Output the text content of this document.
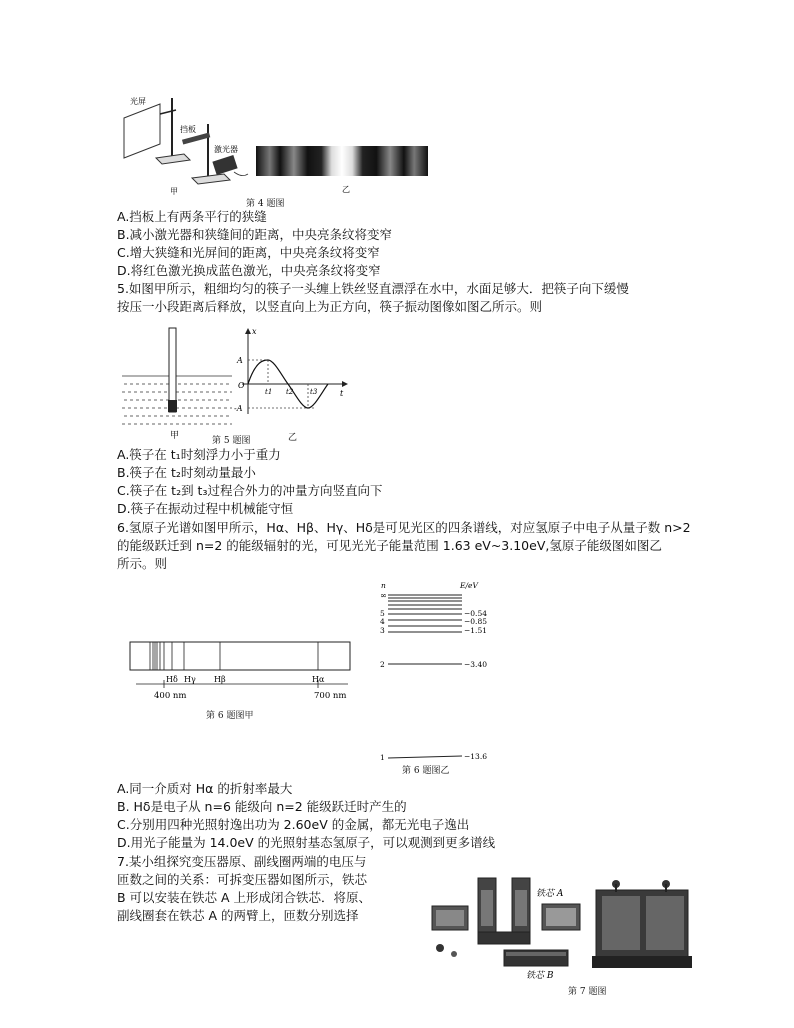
光屏
挡板
激光器
甲	乙
第 4 题图
A.挡板上有两条平行的狭缝
B.减小激光器和狭缝间的距离，中央亮条纹将变窄
C.增大狭缝和光屏间的距离，中央亮条纹将变窄
D.将红色激光换成蓝色激光，中央亮条纹将变窄
5.如图甲所示，粗细均匀的筷子一头缠上铁丝竖直漂浮在水中，水面足够大．把筷子向下缓慢
按压一小段距离后释放，以竖直向上为正方向，筷子振动图像如图乙所示。则
甲
x
t
A
O
-A
t1 t2 t3
第 5 题图	乙
A.筷子在 t₁时刻浮力小于重力
B.筷子在 t₂时刻动量最小
C.筷子在 t₂到 t₃过程合外力的冲量方向竖直向下
D.筷子在振动过程中机械能守恒
6.氢原子光谱如图甲所示，Hα、Hβ、Hγ、Hδ是可见光区的四条谱线，对应氢原子中电子从量子数 n>2
的能级跃迁到 n=2 的能级辐射的光，可见光光子能量范围 1.63 eV~3.10eV,氢原子能级图如图乙
所示。则
Hδ Hγ Hβ	Hα
400 nm	700 nm
第 6 题图甲
n	E/eV
∞
5
4
3
2
1
−0.54
−0.85
−1.51
−3.40
−13.6
第 6 题图乙
A.同一介质对 Hα 的折射率最大
B. Hδ是电子从 n=6 能级向 n=2 能级跃迁时产生的
C.分别用四种光照射逸出功为 2.60eV 的金属，都无光电子逸出
D.用光子能量为 14.0eV 的光照射基态氢原子，可以观测到更多谱线
7.某小组探究变压器原、副线圈两端的电压与
匝数之间的关系：可拆变压器如图所示，铁芯
B 可以安装在铁芯 A 上形成闭合铁芯．将原、
副线圈套在铁芯 A 的两臂上，匝数分别选择
铁芯 A
铁芯 B
第 7 题图
